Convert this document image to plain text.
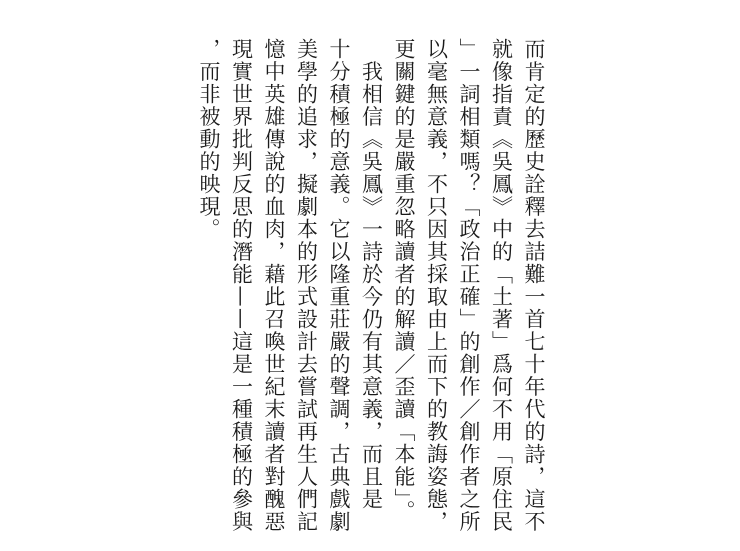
而肯定的歷史詮釋去詰難一首七十年代的詩，這不

就像指責《吳鳳》中的「土著」爲何不用「原住民

」一詞相類嗎？「政治正確」的創作／創作者之所

以毫無意義，不只因其採取由上而下的教誨姿態，

更關鍵的是嚴重忽略讀者的解讀／歪讀「本能」。

　我相信《吳鳳》一詩於今仍有其意義，而且是

十分積極的意義。它以隆重莊嚴的聲調，古典戲劇

美學的追求，擬劇本的形式設計去嘗試再生人們記

憶中英雄傳說的血肉，藉此召喚世紀末讀者對醜惡

現實世界批判反思的潛能——這是一種積極的參與

，而非被動的映現。
